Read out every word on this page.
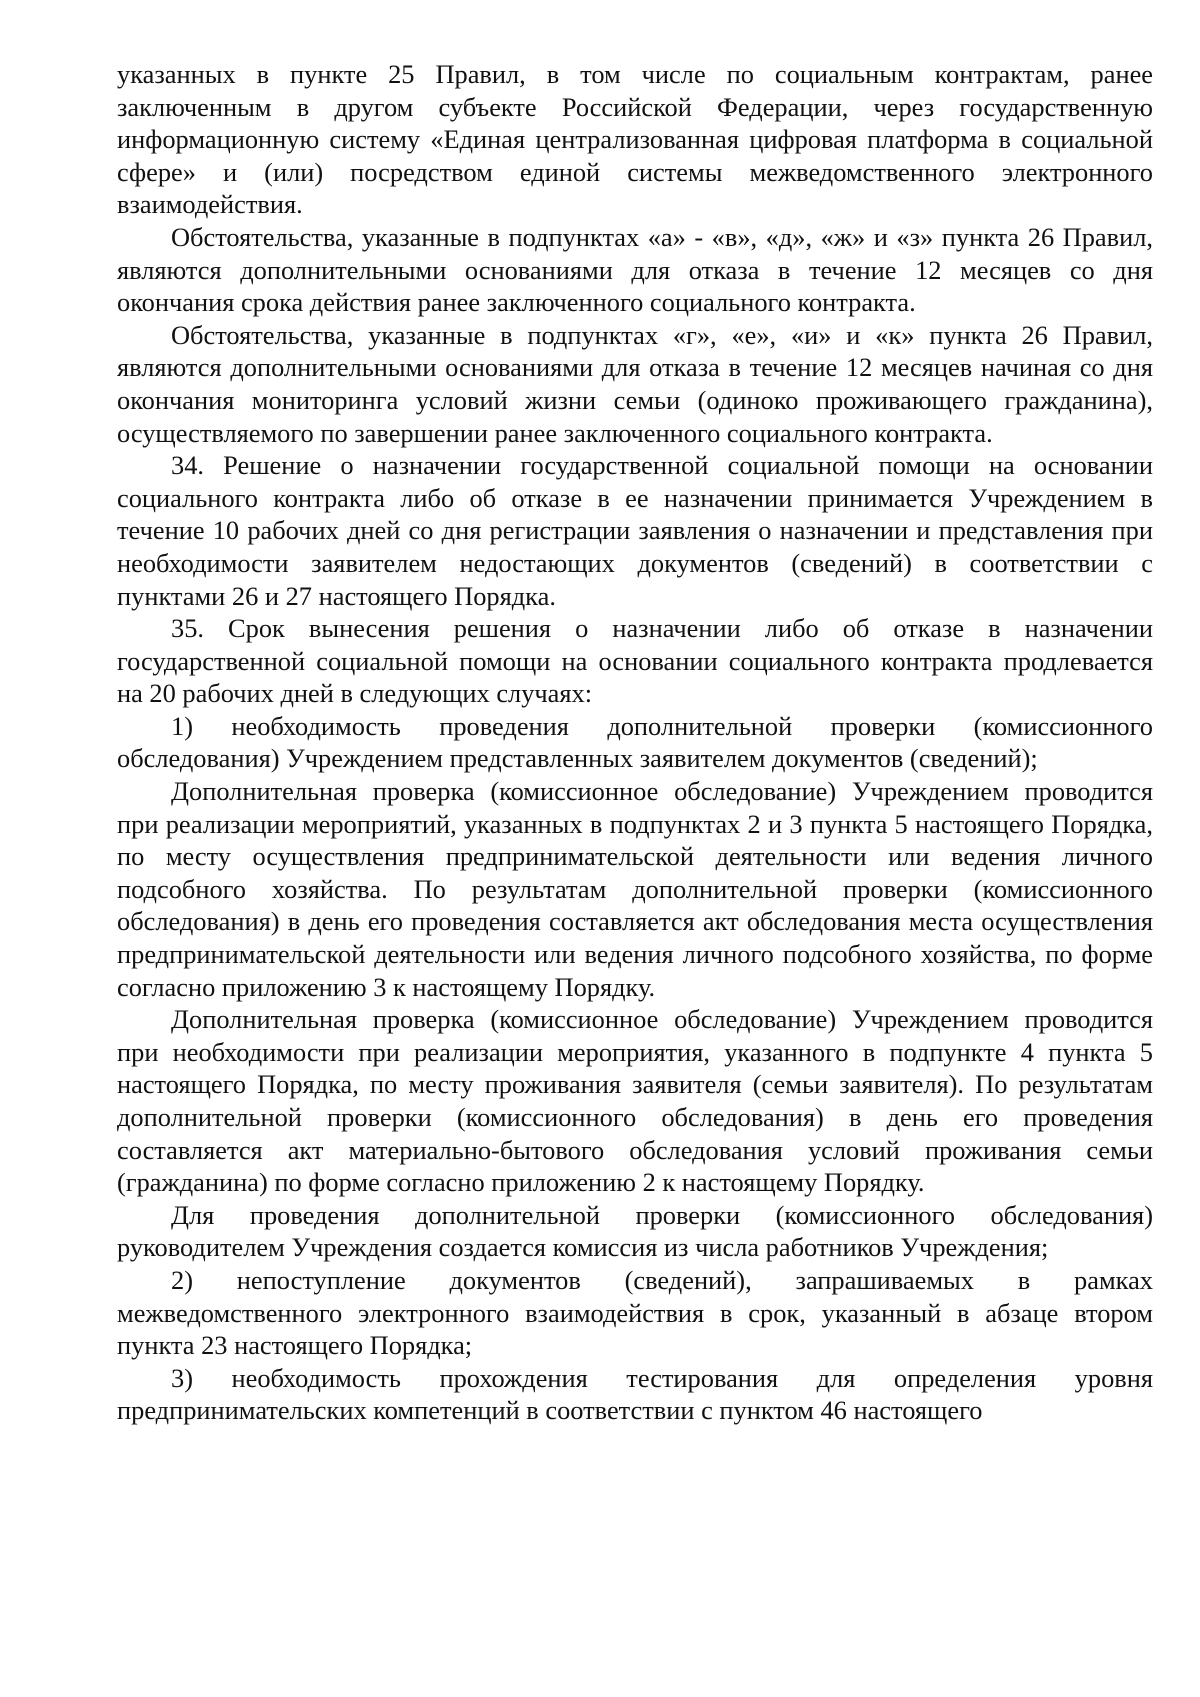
указанных в пункте 25 Правил, в том числе по социальным контрактам, ранее заключенным в другом субъекте Российской Федерации, через государственную информационную систему «Единая централизованная цифровая платформа в социальной сфере» и (или) посредством единой системы межведомственного электронного взаимодействия.

Обстоятельства, указанные в подпунктах «а» - «в», «д», «ж» и «з» пункта 26 Правил, являются дополнительными основаниями для отказа в течение 12 месяцев со дня окончания срока действия ранее заключенного социального контракта.

Обстоятельства, указанные в подпунктах «г», «е», «и» и «к» пункта 26 Правил, являются дополнительными основаниями для отказа в течение 12 месяцев начиная со дня окончания мониторинга условий жизни семьи (одиноко проживающего гражданина), осуществляемого по завершении ранее заключенного социального контракта.

34. Решение о назначении государственной социальной помощи на основании социального контракта либо об отказе в ее назначении принимается Учреждением в течение 10 рабочих дней со дня регистрации заявления о назначении и представления при необходимости заявителем недостающих документов (сведений) в соответствии с пунктами 26 и 27 настоящего Порядка.

35. Срок вынесения решения о назначении либо об отказе в назначении государственной социальной помощи на основании социального контракта продлевается на 20 рабочих дней в следующих случаях:

1) необходимость проведения дополнительной проверки (комиссионного обследования) Учреждением представленных заявителем документов (сведений);

Дополнительная проверка (комиссионное обследование) Учреждением проводится при реализации мероприятий, указанных в подпунктах 2 и 3 пункта 5 настоящего Порядка, по месту осуществления предпринимательской деятельности или ведения личного подсобного хозяйства. По результатам дополнительной проверки (комиссионного обследования) в день его проведения составляется акт обследования места осуществления предпринимательской деятельности или ведения личного подсобного хозяйства, по форме согласно приложению 3 к настоящему Порядку.

Дополнительная проверка (комиссионное обследование) Учреждением проводится при необходимости при реализации мероприятия, указанного в подпункте 4 пункта 5 настоящего Порядка, по месту проживания заявителя (семьи заявителя). По результатам дополнительной проверки (комиссионного обследования) в день его проведения составляется акт материально-бытового обследования условий проживания семьи (гражданина) по форме согласно приложению 2 к настоящему Порядку.

Для проведения дополнительной проверки (комиссионного обследования) руководителем Учреждения создается комиссия из числа работников Учреждения;

2) непоступление документов (сведений), запрашиваемых в рамках межведомственного электронного взаимодействия в срок, указанный в абзаце втором пункта 23 настоящего Порядка;

3) необходимость прохождения тестирования для определения уровня предпринимательских компетенций в соответствии с пунктом 46 настоящего
